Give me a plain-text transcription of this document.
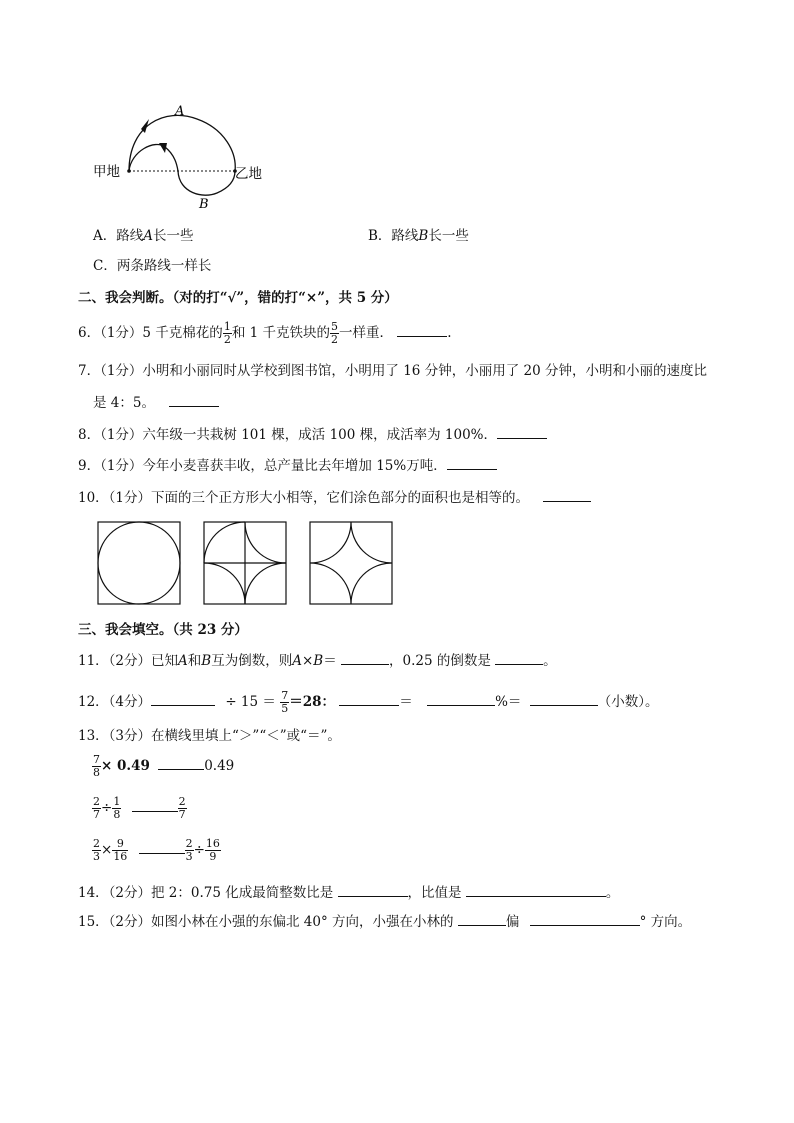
A
B
甲地	乙地
A．路线A长一些	B．路线B长一些
C．两条路线一样长
二、我会判断。（对的打“√”，错的打“×”，共 5 分）
6．（1分）5 千克棉花的 $\frac{1}{2}$ 和 1 千克铁块的 $\frac{5}{2}$ 一样重．	.
7．（1分）小明和小丽同时从学校到图书馆，小明用了 16 分钟，小丽用了 20 分钟，小明和小丽的速度比
是 4：5。
8．（1分）六年级一共栽树 101 棵，成活 100 棵，成活率为 100%．
9．（1分）今年小麦喜获丰收，总产量比去年增加 15%万吨．
10．（1分）下面的三个正方形大小相等，它们涂色部分的面积也是相等的。
三、我会填空。（共 23 分）
11．（2分）已知A和B互为倒数，则A×B＝	，0.25 的倒数是	。
12．（4分）	÷ $15 = \frac{7}{5} =28$：	＝	%＝	（小数）。
13．（3分）在横线里填上“＞”“＜”或“＝”。
$\frac{7}{8} \times 0.49$	0.49
$\frac{2}{7} \div \frac{1}{8}$
	$\frac{2}{7}$
$\frac{2}{3} \times \frac{9}{16}$
	$\frac{2}{3} \div \frac{16}{9}$
14．（2分）把 2：0.75 化成最简整数比是	，比值是	。
15．（2分）如图小林在小强的东偏北 40° 方向，小强在小林的	偏	° 方向。
